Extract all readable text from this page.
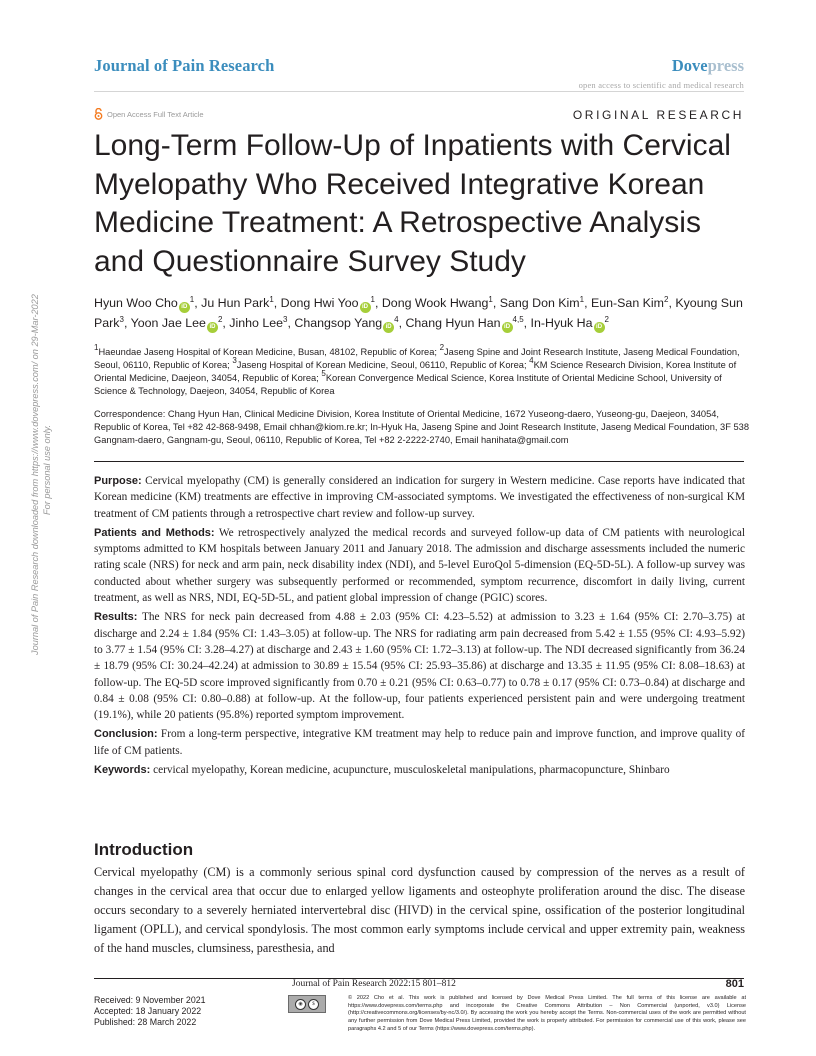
Journal of Pain Research	Dovepress
open access to scientific and medical research
Open Access Full Text Article	ORIGINAL RESEARCH
Long-Term Follow-Up of Inpatients with Cervical Myelopathy Who Received Integrative Korean Medicine Treatment: A Retrospective Analysis and Questionnaire Survey Study
Hyun Woo Cho $iD^1$, Ju Hun Park$^1$, Dong Hwi Yoo $iD^1$, Dong Wook Hwang$^1$, Sang Don Kim$^1$, Eun-San Kim$^2$, Kyoung Sun Park$^3$, Yoon Jae Lee $iD^2$, Jinho Lee$^3$, Changsop Yang $iD^4$, Chang Hyun Han iD$^{4,5}$, In-Hyuk Ha $iD^2$
$^1$Haeundae Jaseng Hospital of Korean Medicine, Busan, 48102, Republic of Korea; $^2$Jaseng Spine and Joint Research Institute, Jaseng Medical Foundation, Seoul, 06110, Republic of Korea; $^3$Jaseng Hospital of Korean Medicine, Seoul, 06110, Republic of Korea; $^4$KM Science Research Division, Korea Institute of Oriental Medicine, Daejeon, 34054, Republic of Korea; $^5$Korean Convergence Medical Science, Korea Institute of Oriental Medicine School, University of Science & Technology, Daejeon, 34054, Republic of Korea
Correspondence: Chang Hyun Han, Clinical Medicine Division, Korea Institute of Oriental Medicine, 1672 Yuseong-daero, Yuseong-gu, Daejeon, 34054, Republic of Korea, Tel +82 42-868-9498, Email chhan@kiom.re.kr; In-Hyuk Ha, Jaseng Spine and Joint Research Institute, Jaseng Medical Foundation, 3F 538 Gangnam-daero, Gangnam-gu, Seoul, 06110, Republic of Korea, Tel +82 2-2222-2740, Email hanihata@gmail.com

Purpose: Cervical myelopathy (CM) is generally considered an indication for surgery in Western medicine. Case reports have indicated that Korean medicine (KM) treatments are effective in improving CM-associated symptoms. We investigated the effectiveness of non-surgical KM treatment of CM patients through a retrospective chart review and follow-up survey.

Patients and Methods: We retrospectively analyzed the medical records and surveyed follow-up data of CM patients with neurological symptoms admitted to KM hospitals between January 2011 and January 2018. The admission and discharge assessments included the numeric rating scale (NRS) for neck and arm pain, neck disability index (NDI), and 5-level EuroQol 5-dimension (EQ-5D-5L). A follow-up survey was conducted about whether surgery was subsequently performed or recommended, symptom recurrence, discomfort in daily living, current treatment, as well as NRS, NDI, EQ-5D-5L, and patient global impression of change (PGIC) scores.

Results: The NRS for neck pain decreased from 4.88 ± 2.03 (95% CI: 4.23–5.52) at admission to 3.23 ± 1.64 (95% CI: 2.70–3.75) at discharge and 2.24 ± 1.84 (95% CI: 1.43–3.05) at follow-up. The NRS for radiating arm pain decreased from 5.42 ± 1.55 (95% CI: 4.93–5.92) to 3.77 ± 1.54 (95% CI: 3.28–4.27) at discharge and 2.43 ± 1.60 (95% CI: 1.72–3.13) at follow-up. The NDI decreased significantly from 36.24 ± 18.79 (95% CI: 30.24–42.24) at admission to 30.89 ± 15.54 (95% CI: 25.93–35.86) at discharge and 13.35 ± 11.95 (95% CI: 8.08–18.63) at follow-up. The EQ-5D score improved significantly from 0.70 ± 0.21 (95% CI: 0.63–0.77) to 0.78 ± 0.17 (95% CI: 0.73–0.84) at discharge and 0.84 ± 0.08 (95% CI: 0.80–0.88) at follow-up. At the follow-up, four patients experienced persistent pain and were undergoing treatment (19.1%), while 20 patients (95.8%) reported symptom improvement.

Conclusion: From a long-term perspective, integrative KM treatment may help to reduce pain and improve function, and improve quality of life of CM patients.

Keywords: cervical myelopathy, Korean medicine, acupuncture, musculoskeletal manipulations, pharmacopuncture, Shinbaro

Introduction
Cervical myelopathy (CM) is a commonly serious spinal cord dysfunction caused by compression of the nerves as a result of changes in the cervical area that occur due to enlarged yellow ligaments and osteophyte proliferation around the disc. The disease occurs secondary to a severely herniated intervertebral disc (HIVD) in the cervical spine, ossification of the posterior longitudinal ligament (OPLL), and cervical spondylosis. The most common early symptoms include cervical and upper extremity pain, weakness of the hand muscles, clumsiness, paresthesia, and
Journal of Pain Research 2022:15 801–812	801
Received: 9 November 2021
Accepted: 18 January 2022
Published: 28 March 2022
◉	$
© 2022 Cho et al. This work is published and licensed by Dove Medical Press Limited. The full terms of this license are available at https://www.dovepress.com/terms.php and incorporate the Creative Commons Attribution – Non Commercial (unported, v3.0) License (http://creativecommons.org/licenses/by-nc/3.0/). By accessing the work you hereby accept the Terms. Non-commercial uses of the work are permitted without any further permission from Dove Medical Press Limited, provided the work is properly attributed. For permission for commercial use of this work, please see paragraphs 4.2 and 5 of our Terms (https://www.dovepress.com/terms.php).
Journal of Pain Research downloaded from https://www.dovepress.com/ on 29-Mar-2022 For personal use only.
